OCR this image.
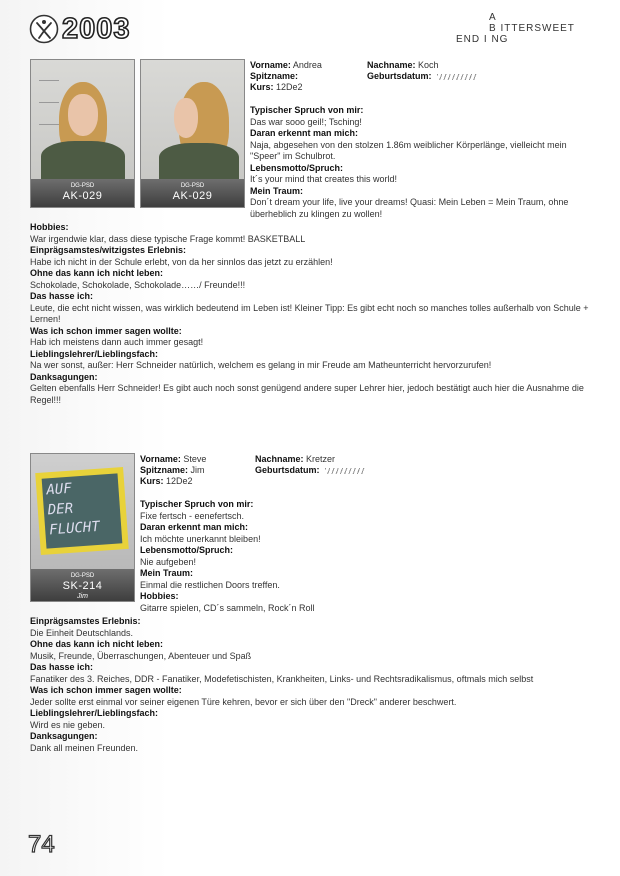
2003	A
B ITTERSWEET
END I NG
DG-PSD
AK-029
DG-PSD
AK-029
Vorname: Andrea	Nachname: Koch
Spitzname:	Geburtsdatum:
Kurs: 12De2
Typischer Spruch von mir:
Das war sooo geil!; Tsching!
Daran erkennt man mich:
Naja, abgesehen von den stolzen 1.86m weiblicher Körperlänge, vielleicht mein "Speer" im Schulbrot.
Lebensmotto/Spruch:
It´s your mind that creates this world!
Mein Traum:
Don´t dream your life, live your dreams! Quasi: Mein Leben = Mein Traum, ohne überheblich zu klingen zu wollen!
Hobbies:
War irgendwie klar, dass diese typische Frage kommt! BASKETBALL
Einprägsamstes/witzigstes Erlebnis:
Habe ich nicht in der Schule erlebt, von da her sinnlos das jetzt zu erzählen!
Ohne das kann ich nicht leben:
Schokolade, Schokolade, Schokolade……/ Freunde!!!
Das hasse ich:
Leute, die echt nicht wissen, was wirklich bedeutend im Leben ist! Kleiner Tipp: Es gibt echt noch so manches tolles außerhalb von Schule + Lernen!
Was ich schon immer sagen wollte:
Hab ich meistens dann auch immer gesagt!
Lieblingslehrer/Lieblingsfach:
Na wer sonst, außer: Herr Schneider natürlich, welchem es gelang in mir Freude am Matheunterricht hervorzurufen!
Danksagungen:
Gelten ebenfalls Herr Schneider! Es gibt auch noch sonst genügend andere super Lehrer hier, jedoch bestätigt auch hier die Ausnahme die Regel!!!
AUF
DER
FLUCHT
DG-PSD
SK-214
Jim
Vorname: Steve	Nachname: Kretzer
Spitzname: Jim	Geburtsdatum:
Kurs: 12De2
Typischer Spruch von mir:
Fixe fertsch - eenefertsch.
Daran erkennt man mich:
Ich möchte unerkannt bleiben!
Lebensmotto/Spruch:
Nie aufgeben!
Mein Traum:
Einmal die restlichen Doors treffen.
Hobbies:
Gitarre spielen, CD´s sammeln, Rock´n Roll
Einprägsamstes Erlebnis:
Die Einheit Deutschlands.
Ohne das kann ich nicht leben:
Musik, Freunde, Überraschungen, Abenteuer und Spaß
Das hasse ich:
Fanatiker des 3. Reiches, DDR - Fanatiker, Modefetischisten, Krankheiten, Links- und Rechtsradikalismus, oftmals mich selbst
Was ich schon immer sagen wollte:
Jeder sollte erst einmal vor seiner eigenen Türe kehren, bevor er sich über den "Dreck" anderer beschwert.
Lieblingslehrer/Lieblingsfach:
Wird es nie geben.
Danksagungen:
Dank all meinen Freunden.
74
